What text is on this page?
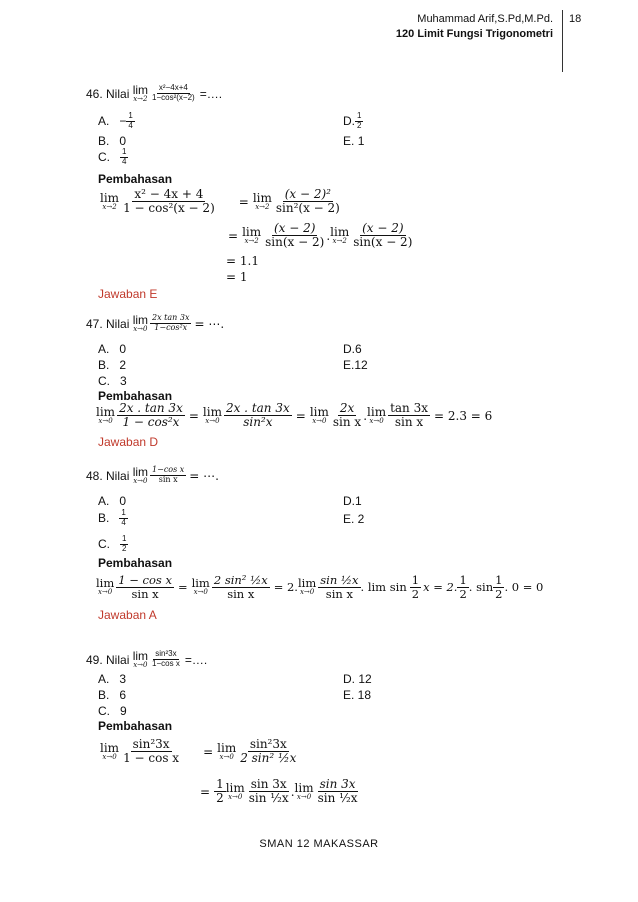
Muhammad Arif,S.Pd,M.Pd.
120 Limit Fungsi Trigonometri
18
46. Nilai
lim
$x\to 2 \frac{\text{x²−4x+4}}{\text{1−cos²(x−2)}}$ =….
A.
− $\frac{1}{4}$	D. 1
2
B.
0	E.
1
C.
1
4
Pembahasan
lim
$x\to 2 \frac{\text{x² − 4x + 4}}{\text{1 − cos²(x − 2)}} = \lim$
x→2
(x − 2)²
sin²(x − 2)
= lim
x→2
(x − 2)
sin(x − 2) . lim
x→2
(x − 2)
sin(x − 2)
= 1.1
= 1
Jawaban E
47. Nilai
lim
$x\to 0 \frac{\text{2x tan 3x}}{\text{1−cos²x}}$ = ⋯.
A.
0	D.6
B.
2	E.12
C.
3
Pembahasan
lim
$x\to 0 \frac{2x . \tan 3x}{\text{1 − cos²x}} = \lim$
$x\to 0 \frac{2x . \tan 3x}{\text{sin²x}} = \lim$
x→0
2x
sin x . lim
$x\to 0 \frac{\tan 3x}{\text{sin x}} = 2.3 = 6$
Jawaban D
48. Nilai
lim
$x\to 0 \frac{\text{1−cos x}}{\text{sin x}}$ = ⋯.
A.
0	D.1
B.
1
4	E. 2
C.
1
2
Pembahasan
lim
$x\to 0 \frac{\text{1 − cos x}}{\text{sin x}} = \lim$
$x\to 0 \frac{\text{2 sin² ½x}}{\text{sin x}} = 2$. lim
x→0
sin ½x
sin x . lim sin
1
2 x = 2.
1
2 . sin
1
2 . 0 = 0
Jawaban A
49. Nilai
lim
$x\to 0 \frac{\text{sin²3x}}{\text{1−cos x}}$ =….
A.
3	D. 12
B.
6	E. 18
C.
9
Pembahasan
lim
$x\to 0 \frac{\text{sin²3x}}{\text{1 − cos x}} = \lim$
x→0
sin²3x
2 sin² ½x
= $\frac{1}{2}$ lim
x→0
sin 3x
sin ½x . lim
x→0
sin 3x
sin ½x
SMAN 12 MAKASSAR
